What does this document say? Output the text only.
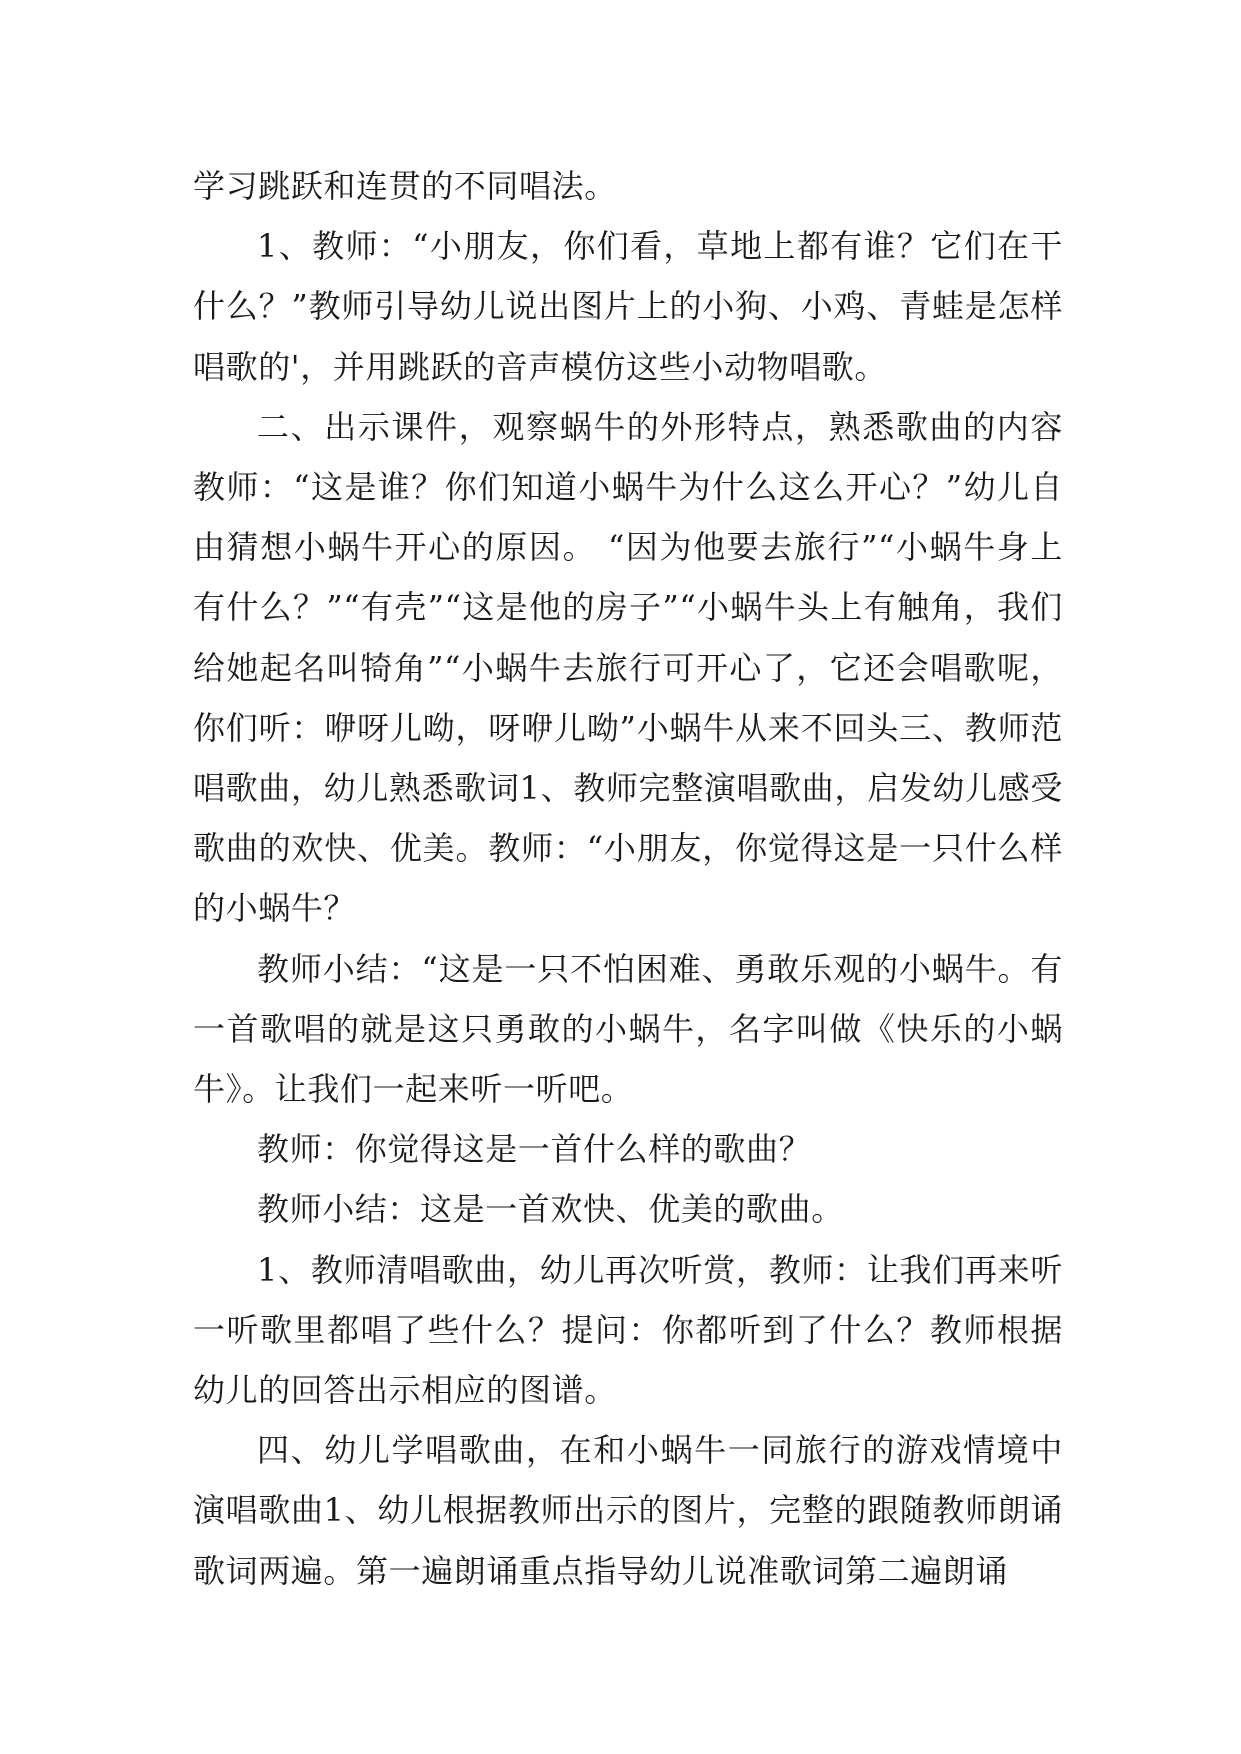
学习跳跃和连贯的不同唱法。

1、教师：“小朋友，你们看，草地上都有谁？它们在干什么？”教师引导幼儿说出图片上的小狗、小鸡、青蛙是怎样唱歌的'，并用跳跃的音声模仿这些小动物唱歌。

二、出示课件，观察蜗牛的外形特点，熟悉歌曲的内容教师：“这是谁？你们知道小蜗牛为什么这么开心？”幼儿自由猜想小蜗牛开心的原因。 “因为他要去旅行”“小蜗牛身上有什么？”“有壳”“这是他的房子”“小蜗牛头上有触角，我们给她起名叫犄角”“小蜗牛去旅行可开心了，它还会唱歌呢，你们听：咿呀儿呦，呀咿儿呦”小蜗牛从来不回头三、教师范唱歌曲，幼儿熟悉歌词1、教师完整演唱歌曲，启发幼儿感受歌曲的欢快、优美。教师：“小朋友，你觉得这是一只什么样的小蜗牛？

教师小结：“这是一只不怕困难、勇敢乐观的小蜗牛。有一首歌唱的就是这只勇敢的小蜗牛，名字叫做《快乐的小蜗牛》。让我们一起来听一听吧。

教师：你觉得这是一首什么样的歌曲？

教师小结：这是一首欢快、优美的歌曲。

1、教师清唱歌曲，幼儿再次听赏，教师：让我们再来听一听歌里都唱了些什么？提问：你都听到了什么？教师根据幼儿的回答出示相应的图谱。

四、幼儿学唱歌曲，在和小蜗牛一同旅行的游戏情境中演唱歌曲1、幼儿根据教师出示的图片，完整的跟随教师朗诵歌词两遍。第一遍朗诵重点指导幼儿说准歌词第二遍朗诵
